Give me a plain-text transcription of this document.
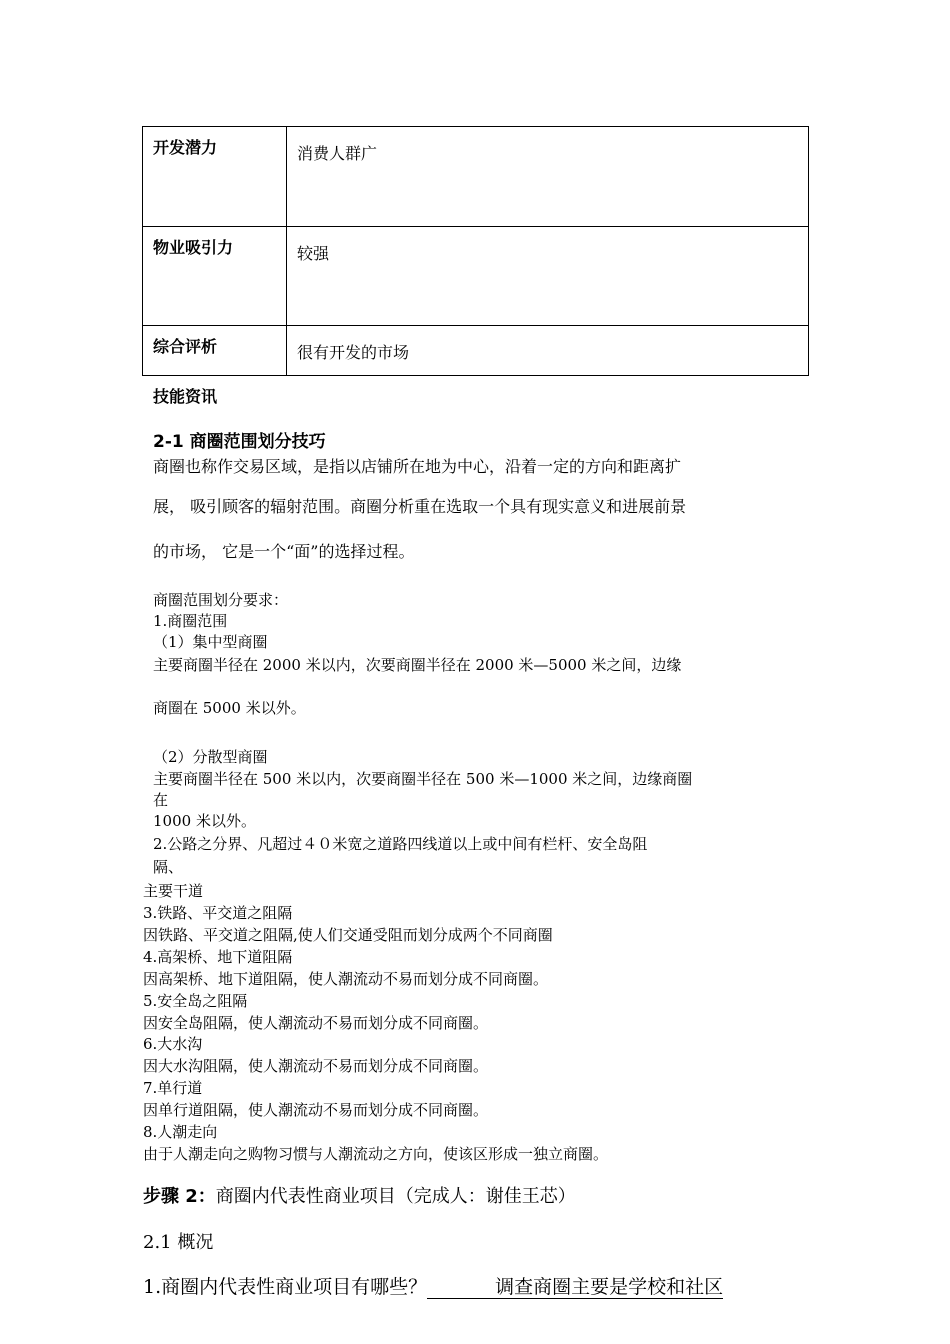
开发潜力	消费人群广
物业吸引力	较强
综合评析	很有开发的市场
技能资讯
2-1 商圈范围划分技巧
商圈也称作交易区域，是指以店铺所在地为中心，沿着一定的方向和距离扩
展， 吸引顾客的辐射范围。商圈分析重在选取一个具有现实意义和进展前景
的市场， 它是一个“面”的选择过程。
商圈范围划分要求：
1.商圈范围
（1）集中型商圈
主要商圈半径在 2000 米以内，次要商圈半径在 2000 米—5000 米之间，边缘
商圈在 5000 米以外。
（2）分散型商圈
主要商圈半径在 500 米以内，次要商圈半径在 500 米—1000 米之间，边缘商圈
在
1000 米以外。
2.公路之分界、凡超过４０米宽之道路四线道以上或中间有栏杆、安全岛阻
隔、
主要干道
3.铁路、平交道之阻隔
因铁路、平交道之阻隔,使人们交通受阻而划分成两个不同商圈
4.高架桥、地下道阻隔
因高架桥、地下道阻隔，使人潮流动不易而划分成不同商圈。
5.安全岛之阻隔
因安全岛阻隔，使人潮流动不易而划分成不同商圈。
6.大水沟
因大水沟阻隔，使人潮流动不易而划分成不同商圈。
7.单行道
因单行道阻隔，使人潮流动不易而划分成不同商圈。
8.人潮走向
由于人潮走向之购物习惯与人潮流动之方向，使该区形成一独立商圈。
步骤 2：商圈内代表性商业项目（完成人：谢佳王芯）
2.1 概况
1.商圈内代表性商业项目有哪些？	调查商圈主要是学校和社区
